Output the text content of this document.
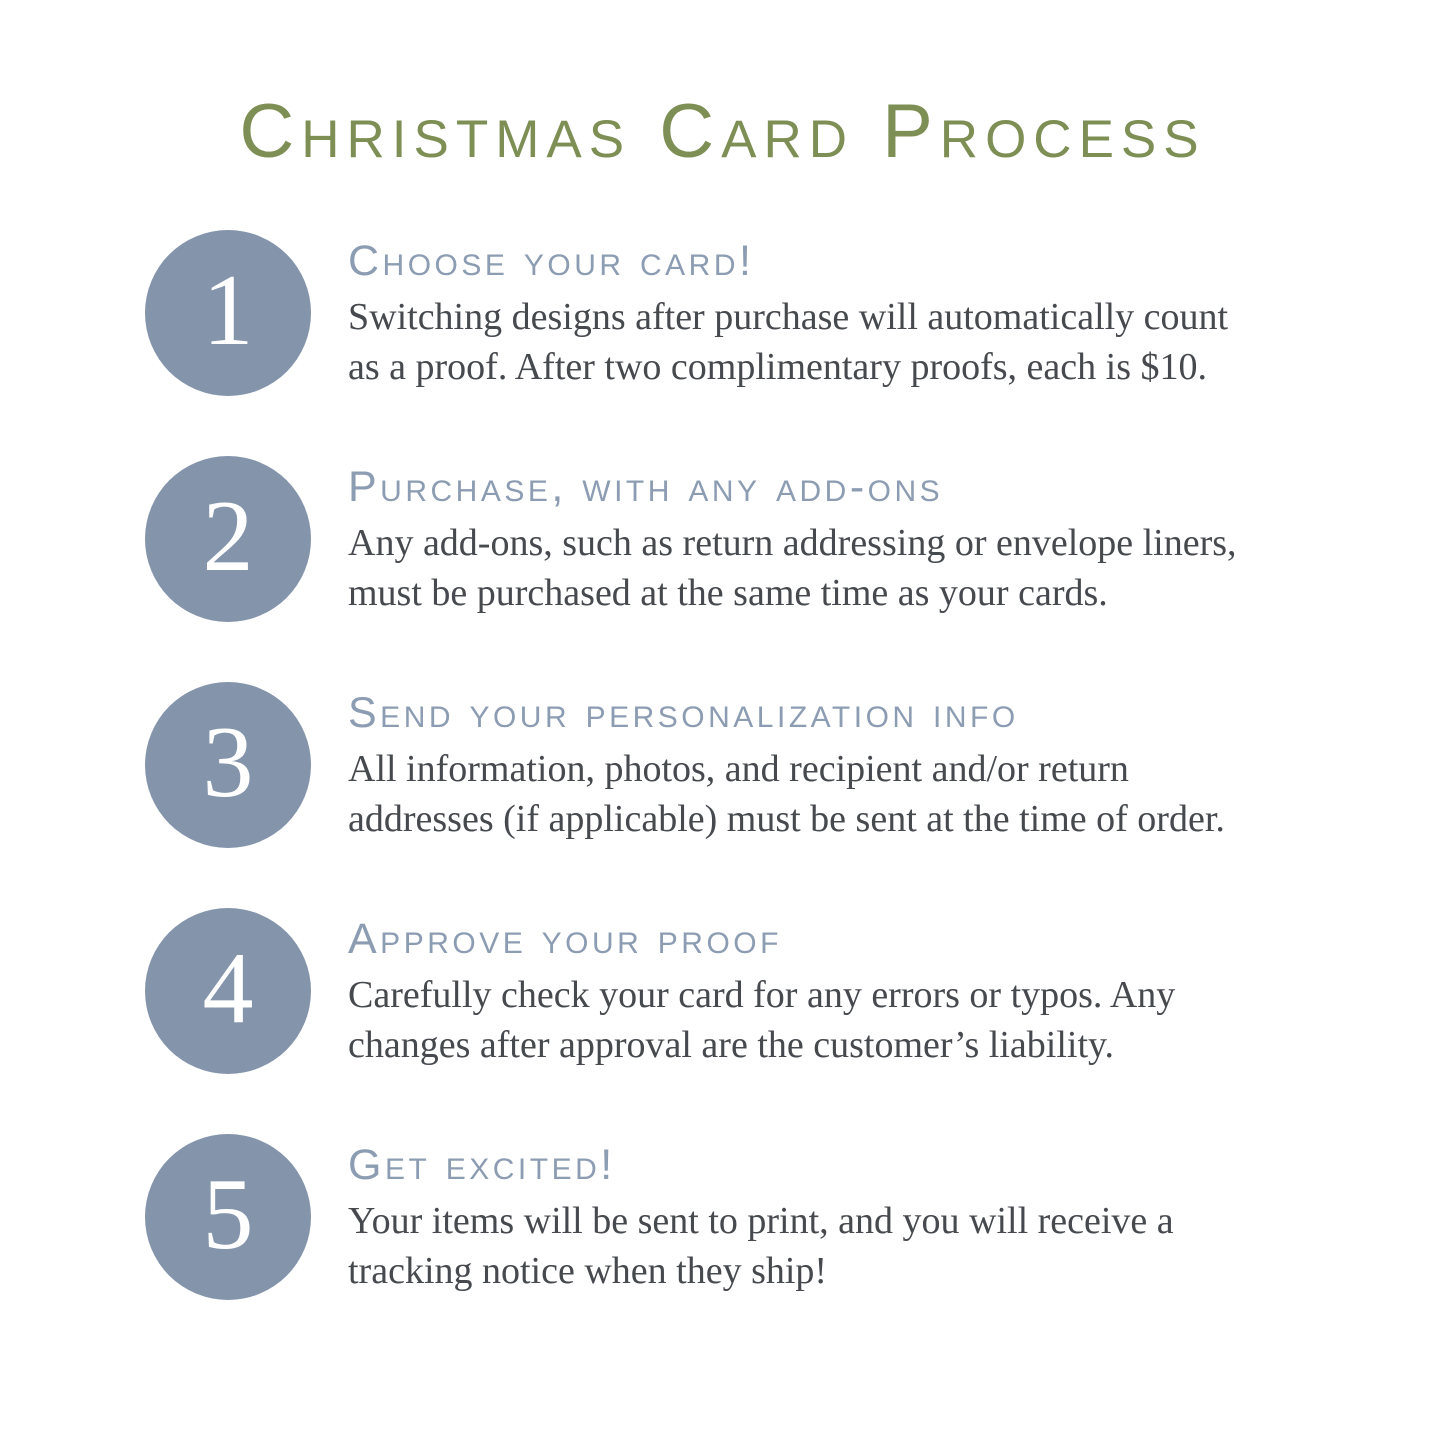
Christmas Card Process
1 Choose your card!
Switching designs after purchase will automatically count
as a proof. After two complimentary proofs, each is $10.
2 Purchase, with any add-ons
Any add-ons, such as return addressing or envelope liners,
must be purchased at the same time as your cards.
3 Send your personalization info
All information, photos, and recipient and/or return
addresses (if applicable) must be sent at the time of order.
4 Approve your proof
Carefully check your card for any errors or typos. Any
changes after approval are the customer’s liability.
5 Get excited!
Your items will be sent to print, and you will receive a
tracking notice when they ship!
